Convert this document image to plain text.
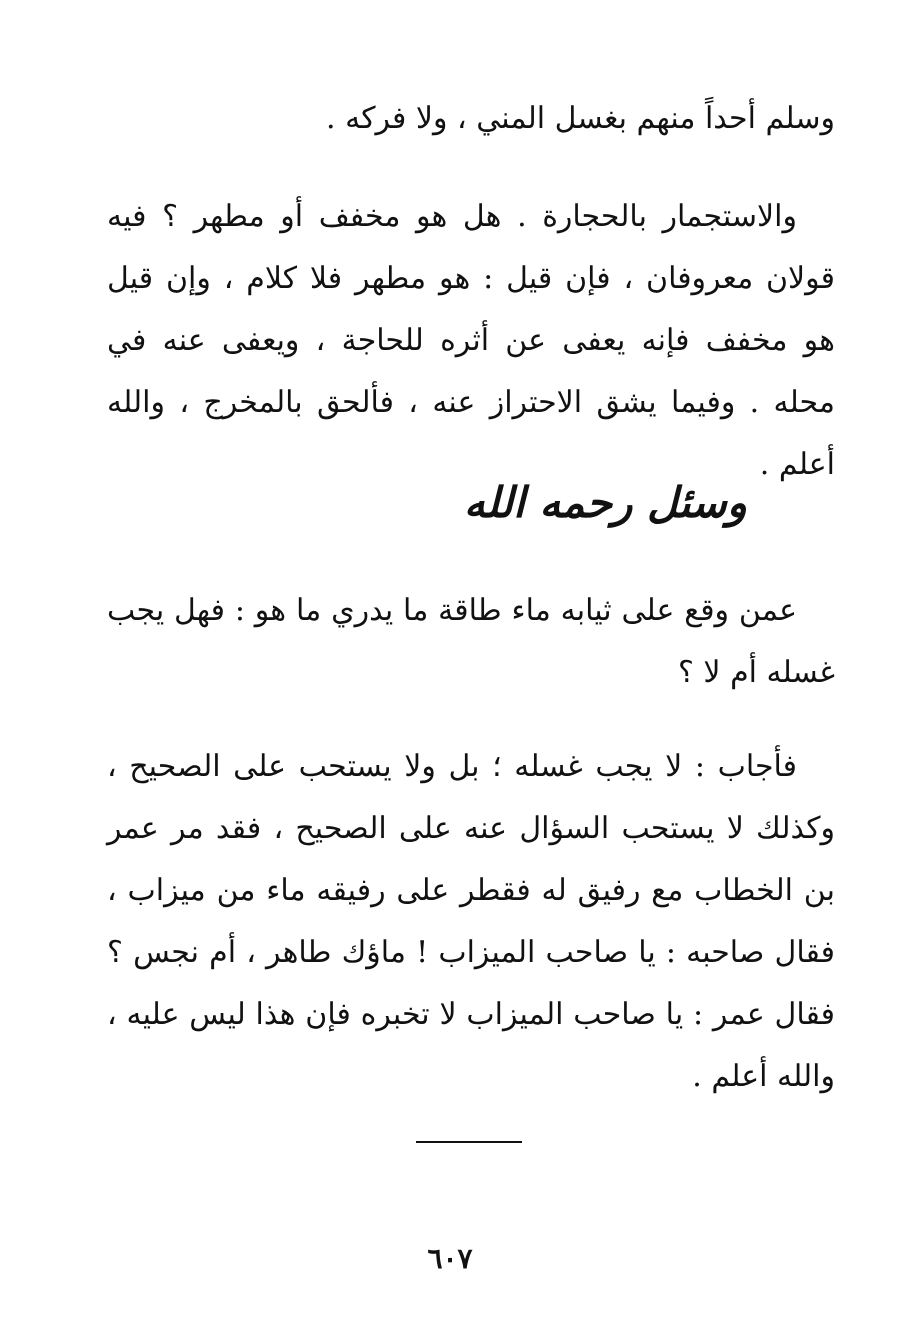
وسلم أحداً منهم بغسل المني ، ولا فركه .

والاستجمار بالحجارة . هل هو مخفف أو مطهر ؟ فيه قولان معروفان ، فإن قيل : هو مطهر فلا كلام ، وإن قيل هو مخفف فإنه يعفى عن أثره للحاجة ، ويعفى عنه في محله . وفيما يشق الاحتراز عنه ، فألحق بالمخرج ، والله أعلم .

وسئل رحمه الله

عمن وقع على ثيابه ماء طاقة ما يدري ما هو : فهل يجب غسله أم لا ؟

فأجاب : لا يجب غسله ؛ بل ولا يستحب على الصحيح ، وكذلك لا يستحب السؤال عنه على الصحيح ، فقد مر عمر بن الخطاب مع رفيق له فقطر على رفيقه ماء من ميزاب ، فقال صاحبه : يا صاحب الميزاب ! ماؤك طاهر ، أم نجس ؟ فقال عمر : يا صاحب الميزاب لا تخبره فإن هذا ليس عليه ، والله أعلم .

٦٠٧
